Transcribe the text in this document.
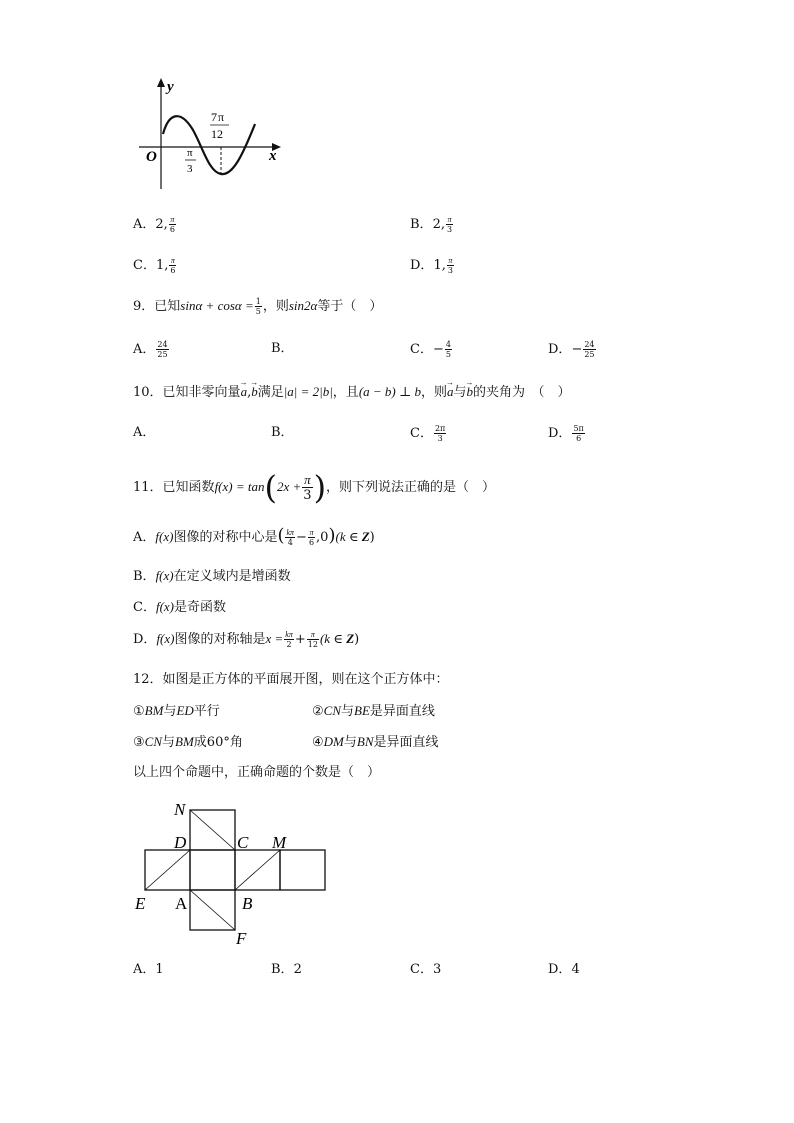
y
x
O
7 π
12
π
3
A．2, $\frac{\pi}{6}$	B．2, $\frac{\pi}{3}$
C．1, $\frac{\pi}{6}$	D．1, $\frac{\pi}{3}$
9．已知$\sin\alpha + \cos\alpha = \frac{1}{5}$ ，则sin2α等于（　）
A． $\frac{24}{25}$	B．	C．− $\frac{4}{5}$	D．− $\frac{24}{25}$
10．已知非零向量→ a,→ b满足|a| = 2|b|，且(a − b) ⊥ b，则→ a与→ b的夹角为　（　）
A．	B．	C． $\frac{2\pi}{3}$	D． $\frac{5\pi}{6}$
11．已知函数$f(x) = \tan(2x + \frac{\pi}{3}$ )，则下列说法正确的是（　）
A．f(x)图像的对称中心是( $\frac{k\pi}{4} - \frac{\pi}{6} ,0)(k$ ∈ Z)
B．f(x)在定义域内是增函数
C．f(x)是奇函数
D．f(x)图像的对称轴是$x = \frac{k\pi}{2} + \frac{\pi}{12} (k$ ∈ Z)
12．如图是正方体的平面展开图，则在这个正方体中：
①BM与ED平行	②CN与BE是异面直线
③CN与BM成60°角	④DM与BN是异面直线
以上四个命题中，正确命题的个数是（　）
N
D	C M
E	B
F
A
A．1	B．2	C．3	D．4
